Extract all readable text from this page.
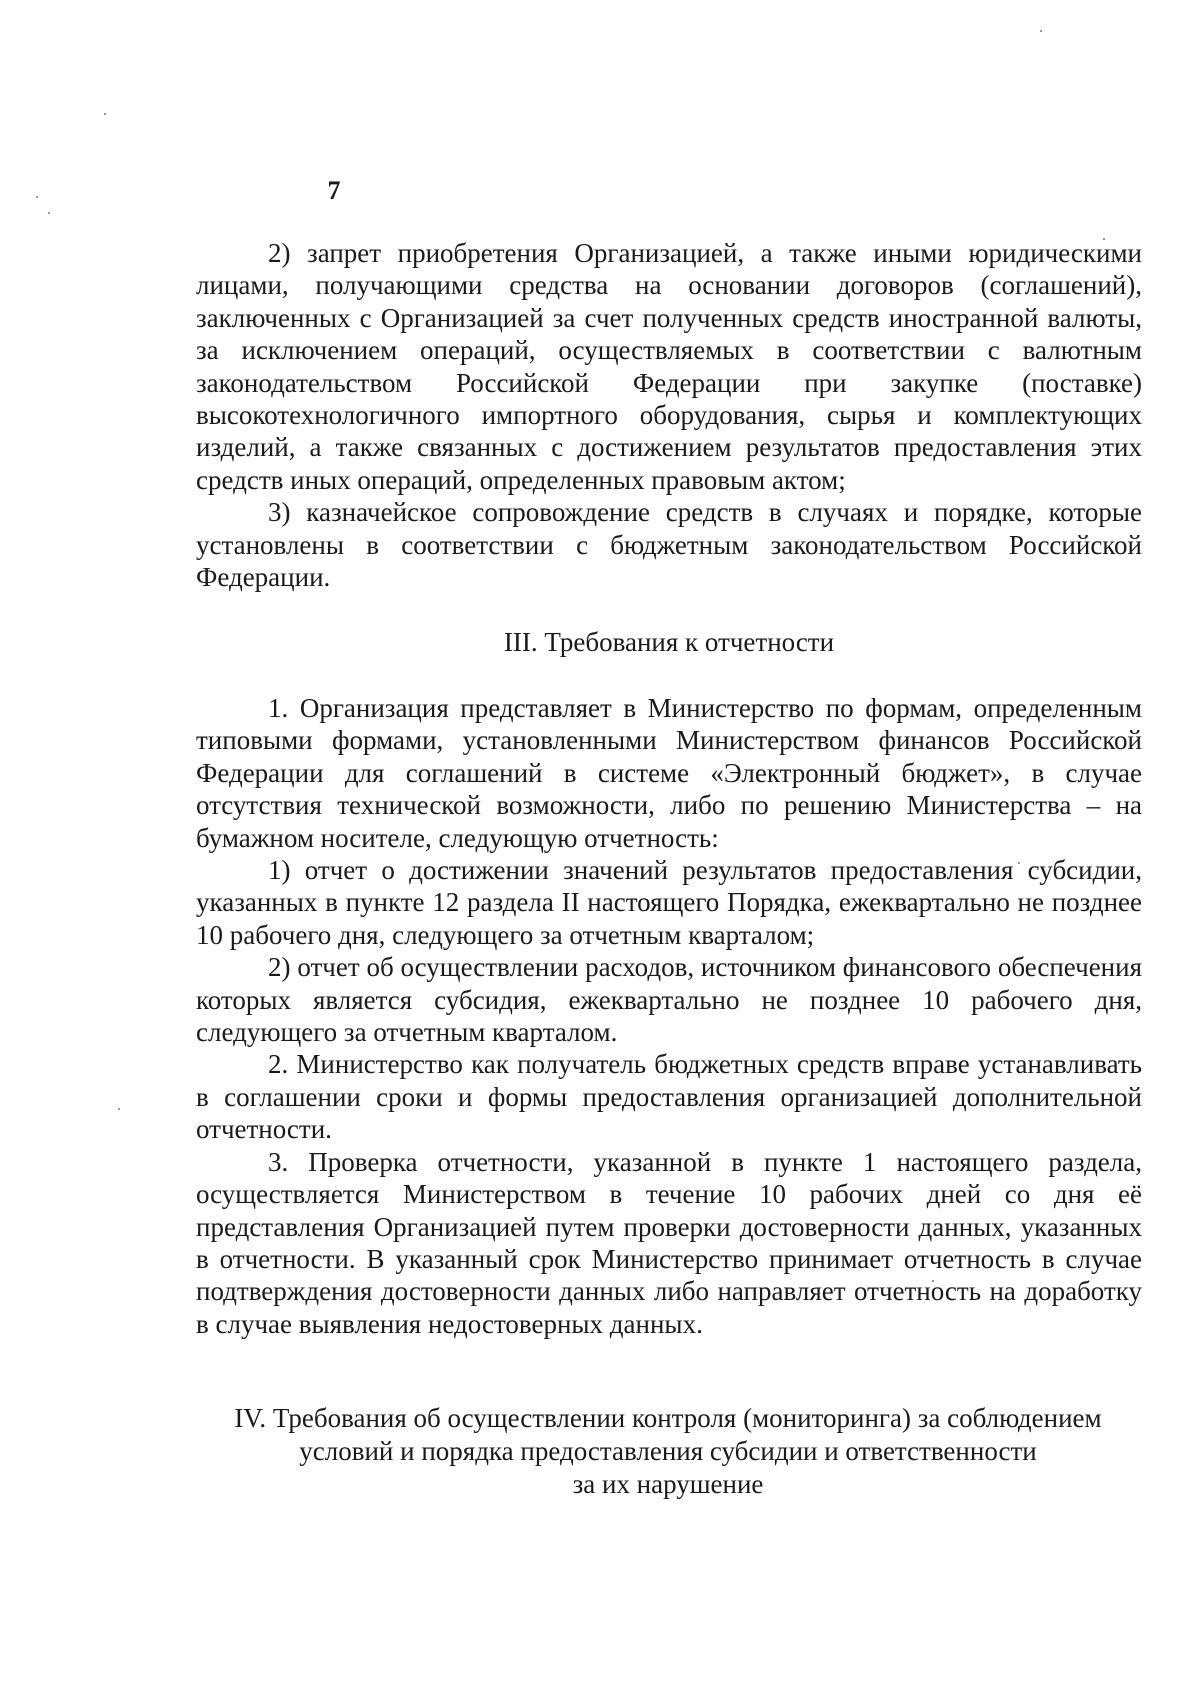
7

2) запрет приобретения Организацией, а также иными юридическими лицами, получающими средства на основании договоров (соглашений), заключенных с Организацией за счет полученных средств иностранной валюты, за исключением операций, осуществляемых в соответствии с валютным законодательством Российской Федерации при закупке (поставке) высокотехнологичного импортного оборудования, сырья и комплектующих изделий, а также связанных с достижением результатов предоставления этих средств иных операций, определенных правовым актом;

3) казначейское сопровождение средств в случаях и порядке, которые установлены в соответствии с бюджетным законодательством Российской Федерации.

III. Требования к отчетности

1. Организация представляет в Министерство по формам, определенным типовыми формами, установленными Министерством финансов Российской Федерации для соглашений в системе «Электронный бюджет», в случае отсутствия технической возможности, либо по решению Министерства – на бумажном носителе, следующую отчетность:

1) отчет о достижении значений результатов предоставления субсидии, указанных в пункте 12 раздела II настоящего Порядка, ежеквартально не позднее 10 рабочего дня, следующего за отчетным кварталом;

2) отчет об осуществлении расходов, источником финансового обеспечения которых является субсидия, ежеквартально не позднее 10 рабочего дня, следующего за отчетным кварталом.

2. Министерство как получатель бюджетных средств вправе устанавливать в соглашении сроки и формы предоставления организацией дополнительной отчетности.

3. Проверка отчетности, указанной в пункте 1 настоящего раздела, осуществляется Министерством в течение 10 рабочих дней со дня её представления Организацией путем проверки достоверности данных, указанных в отчетности. В указанный срок Министерство принимает отчетность в случае подтверждения достоверности данных либо направляет отчетность на доработку в случае выявления недостоверных данных.

IV. Требования об осуществлении контроля (мониторинга) за соблюдением
условий и порядка предоставления субсидии и ответственности
за их нарушение
